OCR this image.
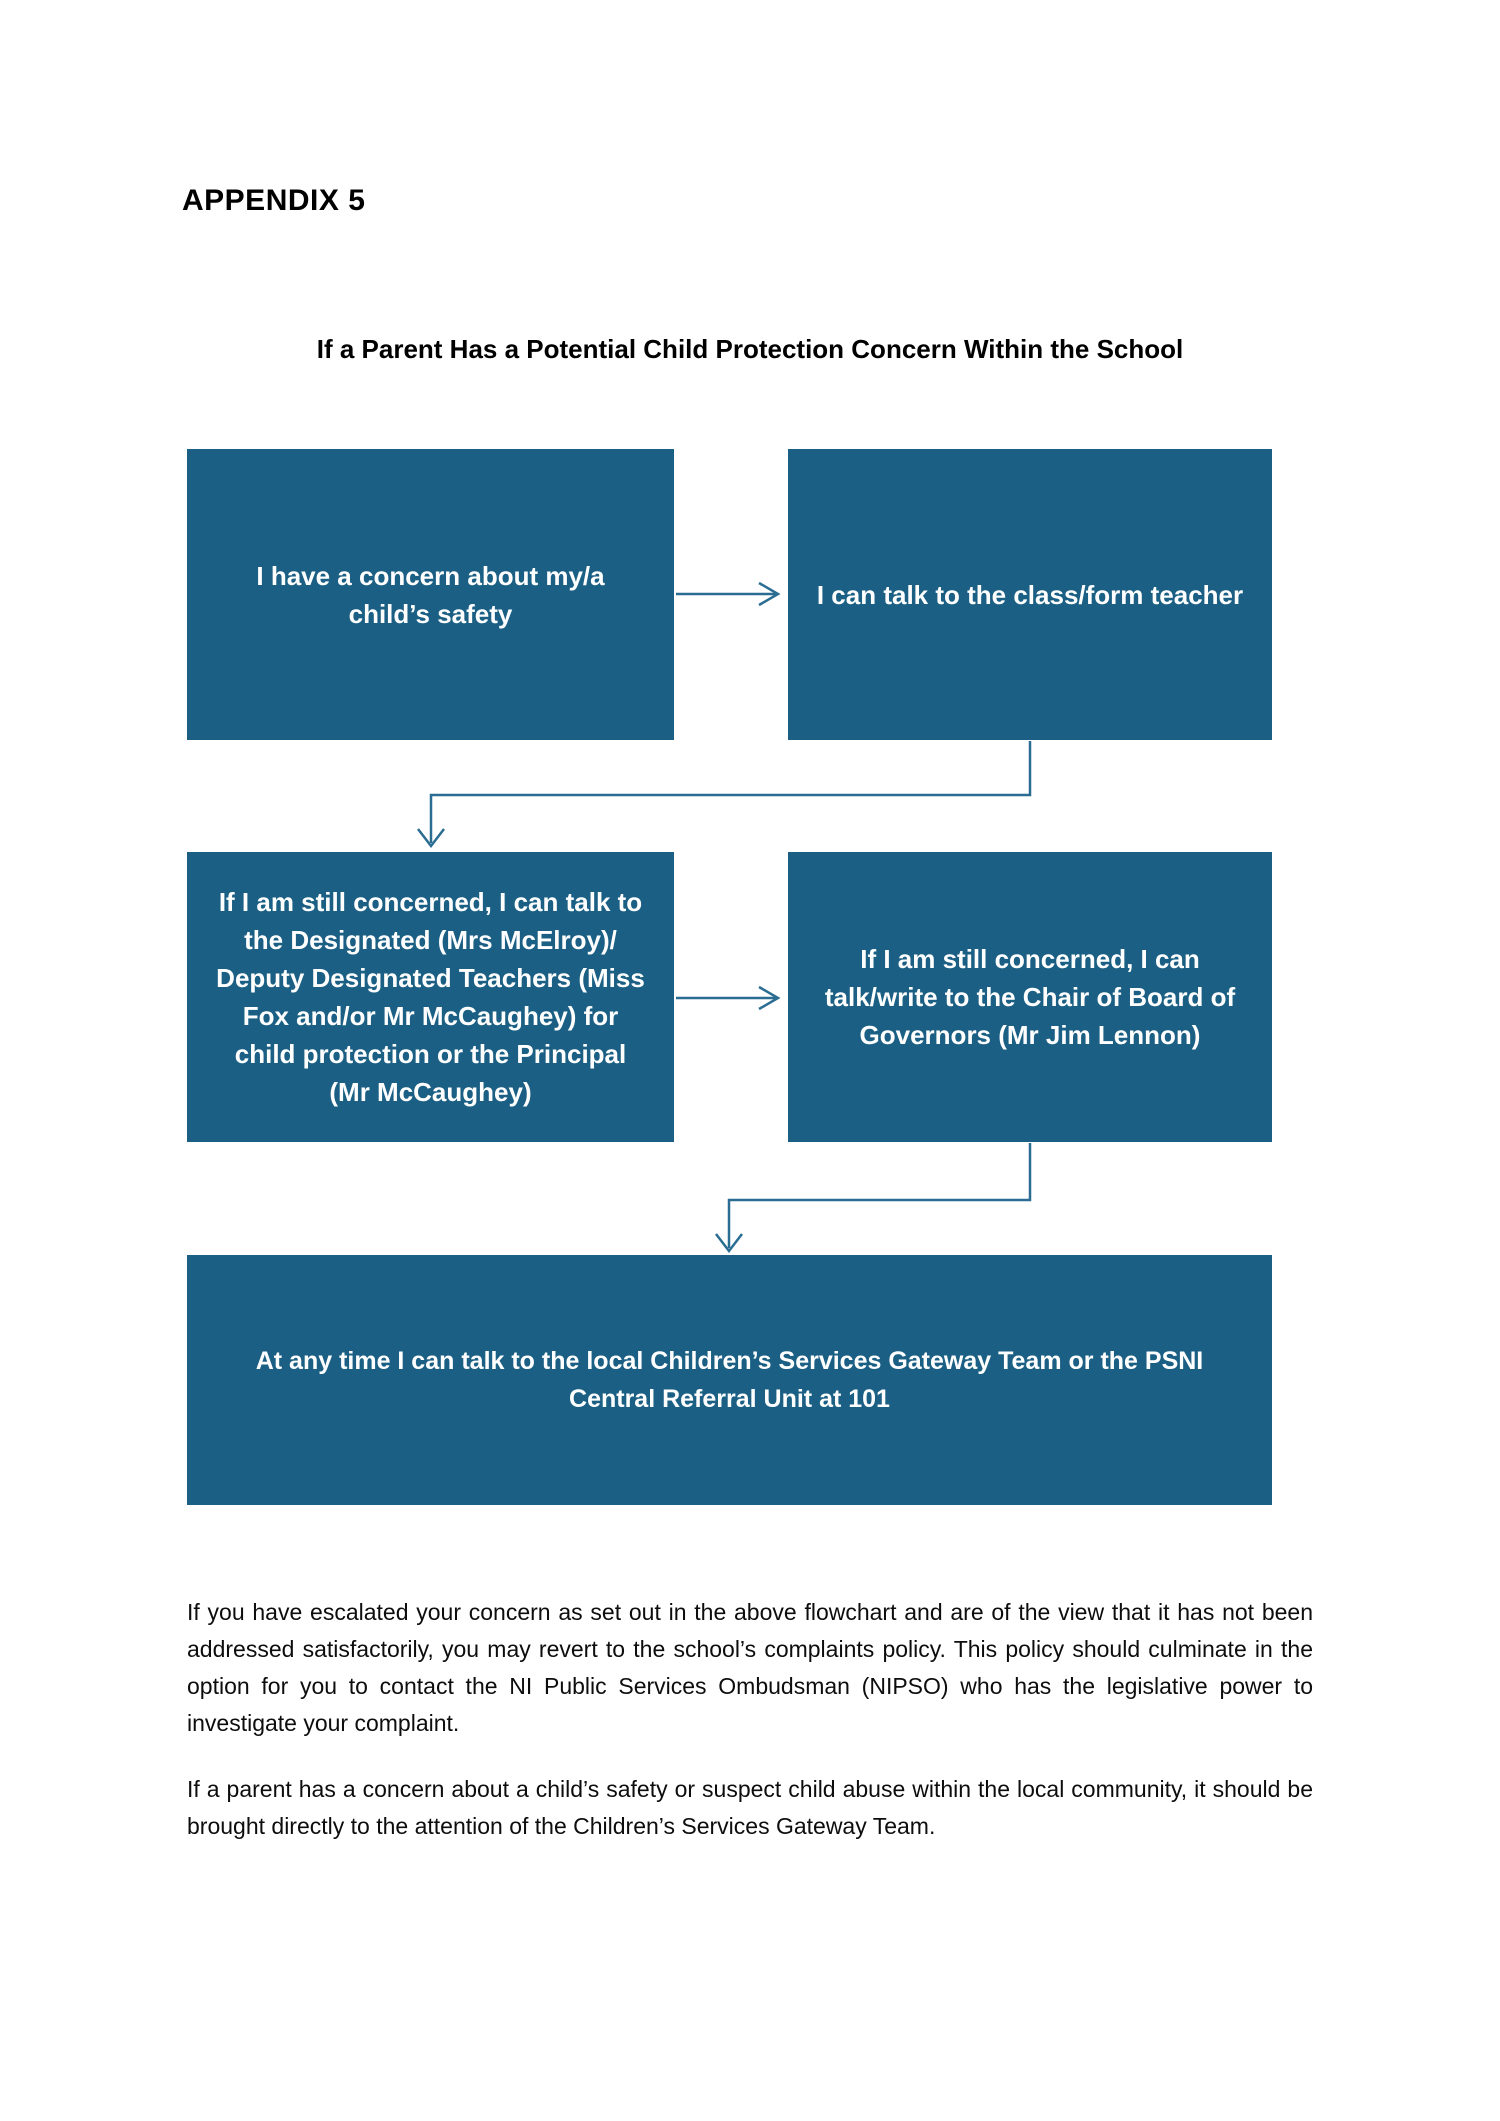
APPENDIX 5
If a Parent Has a Potential Child Protection Concern Within the School
I have a concern about my/a child’s safety
I can talk to the class/form teacher
If I am still concerned, I can talk to the Designated (Mrs McElroy)/ Deputy Designated Teachers (Miss Fox and/or Mr McCaughey) for child protection or the Principal (Mr McCaughey)
If I am still concerned, I can talk/write to the Chair of Board of Governors (Mr Jim Lennon)
At any time I can talk to the local Children’s Services Gateway Team or the PSNI Central Referral Unit at 101

If you have escalated your concern as set out in the above flowchart and are of the view that it has not been addressed satisfactorily, you may revert to the school’s complaints policy. This policy should culminate in the option for you to contact the NI Public Services Ombudsman (NIPSO) who has the legislative power to investigate your complaint.

If a parent has a concern about a child’s safety or suspect child abuse within the local community, it should be brought directly to the attention of the Children’s Services Gateway Team.
